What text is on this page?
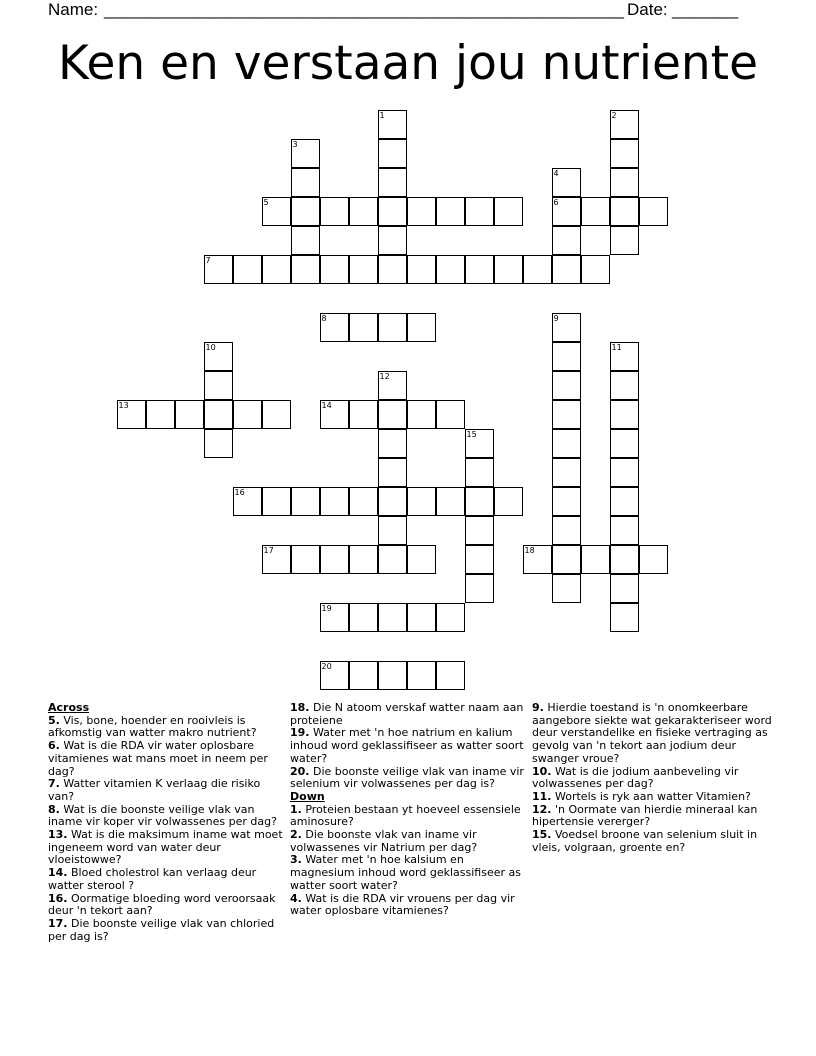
Name: _______________________________________________________ Date: _______
Ken en verstaan jou nutriente
1	2
3
4
6
5
7
8	9
10	11
12
13	14
15
16
17	18
19
20

Across

5. Vis, bone, hoender en rooivleis is afkomstig van watter makro nutrient?

6. Wat is die RDA vir water oplosbare vitamienes wat mans moet in neem per dag?

7. Watter vitamien K verlaag die risiko van?

8. Wat is die boonste veilige vlak van iname vir koper vir volwassenes per dag?

13. Wat is die maksimum iname wat moet ingeneem word van water deur vloeistowwe?

14. Bloed cholestrol kan verlaag deur watter sterool ?

16. Oormatige bloeding word veroorsaak deur 'n tekort aan?

17. Die boonste veilige vlak van chloried per dag is?

18. Die N atoom verskaf watter naam aan proteiene

19. Water met 'n hoe natrium en kalium inhoud word geklassifiseer as watter soort water?

20. Die boonste veilige vlak van iname vir selenium vir volwassenes per dag is?

Down

1. Proteien bestaan yt hoeveel essensiele aminosure?

2. Die boonste vlak van iname vir volwassenes vir Natrium per dag?

3. Water met 'n hoe kalsium en magnesium inhoud word geklassifiseer as watter soort water?

4. Wat is die RDA vir vrouens per dag vir water oplosbare vitamienes?

9. Hierdie toestand is 'n onomkeerbare aangebore siekte wat gekarakteriseer word deur verstandelike en fisieke vertraging as gevolg van 'n tekort aan jodium deur swanger vroue?

10. Wat is die jodium aanbeveling vir volwassenes per dag?

11. Wortels is ryk aan watter Vitamien?

12. 'n Oormate van hierdie mineraal kan hipertensie vererger?

15. Voedsel broone van selenium sluit in vleis, volgraan, groente en?
